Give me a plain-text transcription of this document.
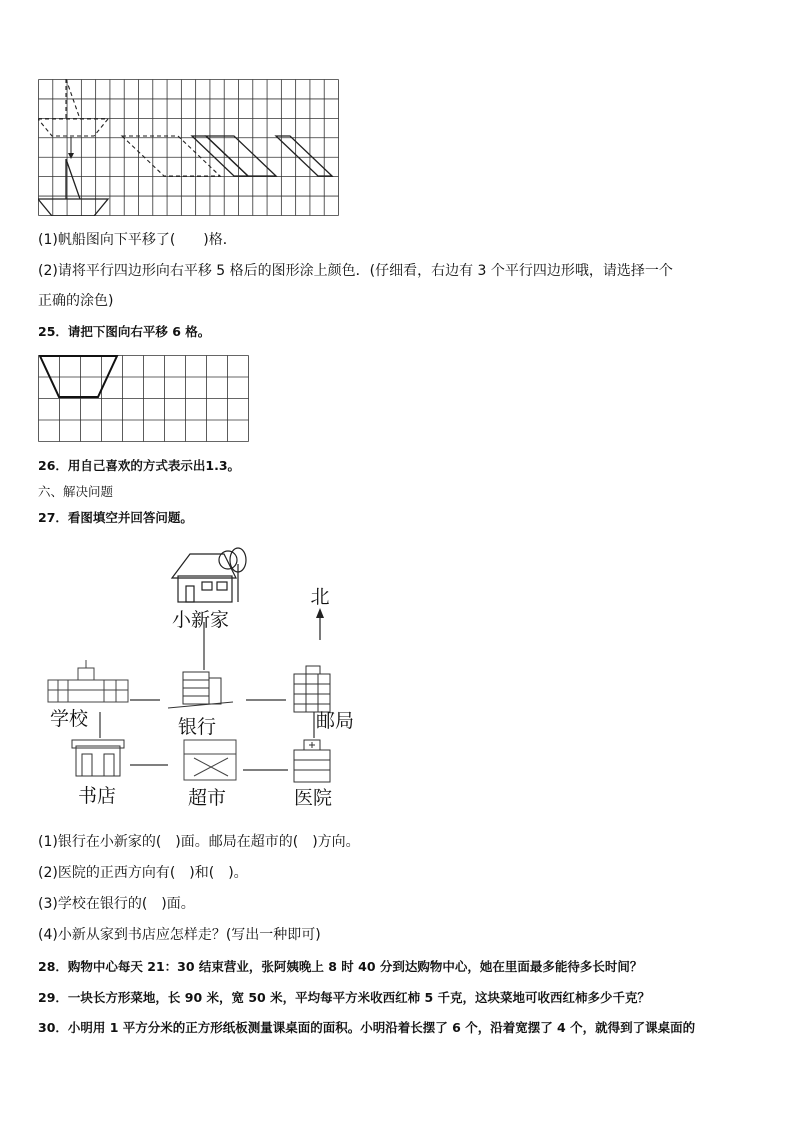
(1)帆船图向下平移了(　　)格．
(2)请将平行四边形向右平移 5 格后的图形涂上颜色．(仔细看，右边有 3 个平行四边形哦，请选择一个
正确的涂色)
25．请把下图向右平移 6 格。
26．用自己喜欢的方式表示出1.3。
六、解决问题
27．看图填空并回答问题。
北
小新家
学校	银行	邮局
书店	超市	医院
(1)银行在小新家的(　)面。邮局在超市的(　)方向。
(2)医院的正西方向有(　)和(　)。
(3)学校在银行的(　)面。
(4)小新从家到书店应怎样走？(写出一种即可)
28．购物中心每天 21：30 结束营业，张阿姨晚上 8 时 40 分到达购物中心，她在里面最多能待多长时间？
29．一块长方形菜地，长 90 米，宽 50 米，平均每平方米收西红柿 5 千克，这块菜地可收西红柿多少千克？
30．小明用 1 平方分米的正方形纸板测量课桌面的面积。小明沿着长摆了 6 个，沿着宽摆了 4 个，就得到了课桌面的
